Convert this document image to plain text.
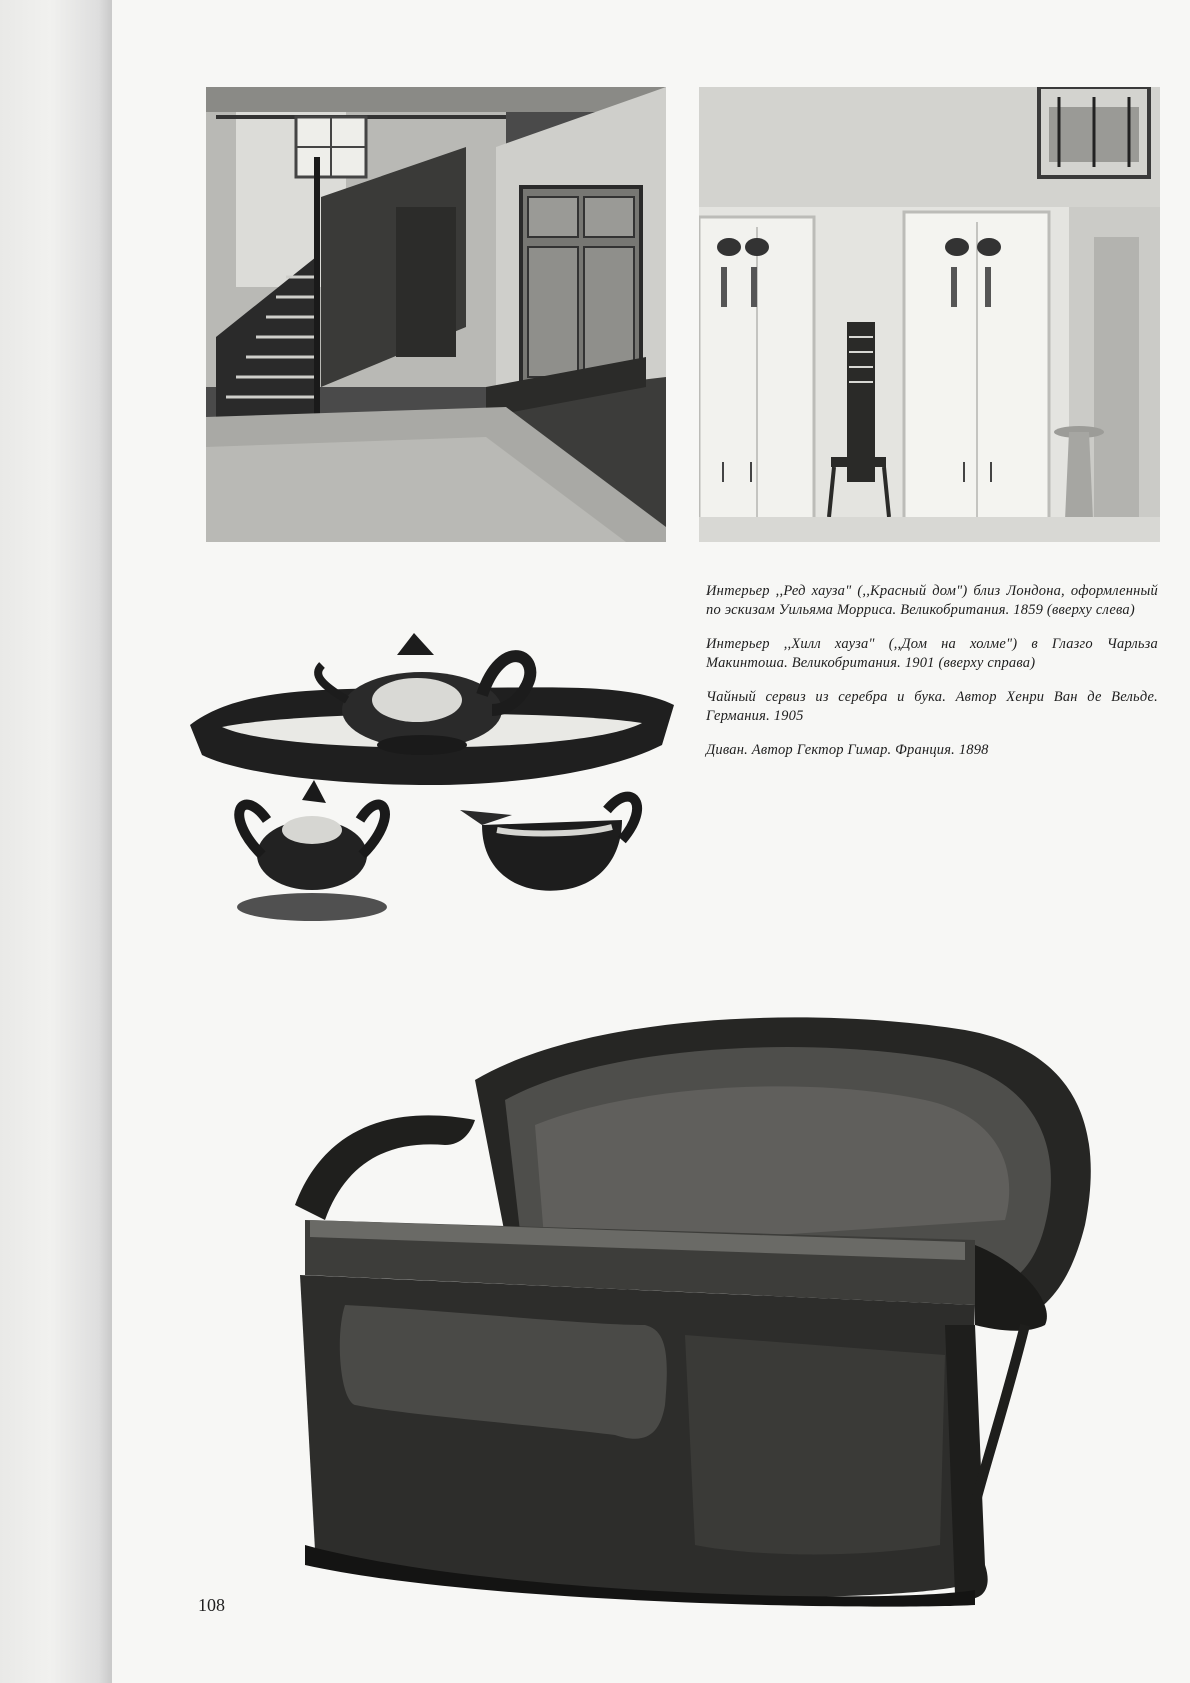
Интерьер ,,Ред хауза" (,,Красный дом") близ Лондона, оформленный по эскизам Уильяма Морриса. Великобритания. 1859 (вверху слева)

Интерьер ,,Хилл хауза" (,,Дом на холме") в Глазго Чарльза Макинтоша. Великобритания. 1901 (вверху справа)

Чайный сервиз из серебра и бука. Автор Хенри Ван де Вельде. Германия. 1905

Диван. Автор Гектор Гимар. Франция. 1898

108
